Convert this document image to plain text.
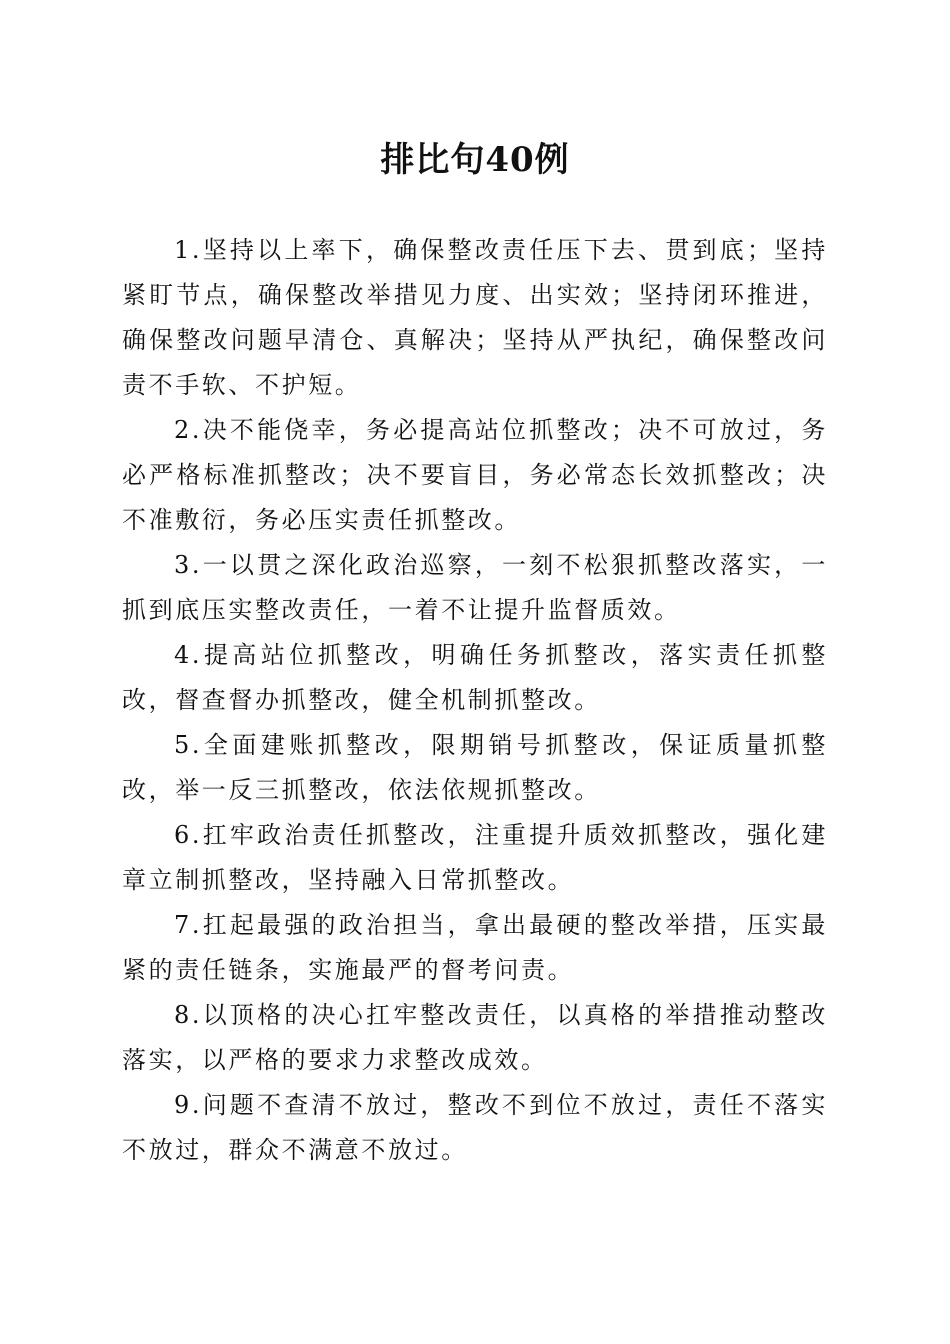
排比句40例

1.坚持以上率下，确保整改责任压下去、贯到底；坚持紧盯节点，确保整改举措见力度、出实效；坚持闭环推进，确保整改问题早清仓、真解决；坚持从严执纪，确保整改问责不手软、不护短。

2.决不能侥幸，务必提高站位抓整改；决不可放过，务必严格标准抓整改；决不要盲目，务必常态长效抓整改；决不准敷衍，务必压实责任抓整改。

3.一以贯之深化政治巡察，一刻不松狠抓整改落实，一抓到底压实整改责任，一着不让提升监督质效。

4.提高站位抓整改，明确任务抓整改，落实责任抓整改，督查督办抓整改，健全机制抓整改。

5.全面建账抓整改，限期销号抓整改，保证质量抓整改，举一反三抓整改，依法依规抓整改。

6.扛牢政治责任抓整改，注重提升质效抓整改，强化建章立制抓整改，坚持融入日常抓整改。

7.扛起最强的政治担当，拿出最硬的整改举措，压实最紧的责任链条，实施最严的督考问责。

8.以顶格的决心扛牢整改责任，以真格的举措推动整改落实，以严格的要求力求整改成效。

9.问题不查清不放过，整改不到位不放过，责任不落实不放过，群众不满意不放过。
